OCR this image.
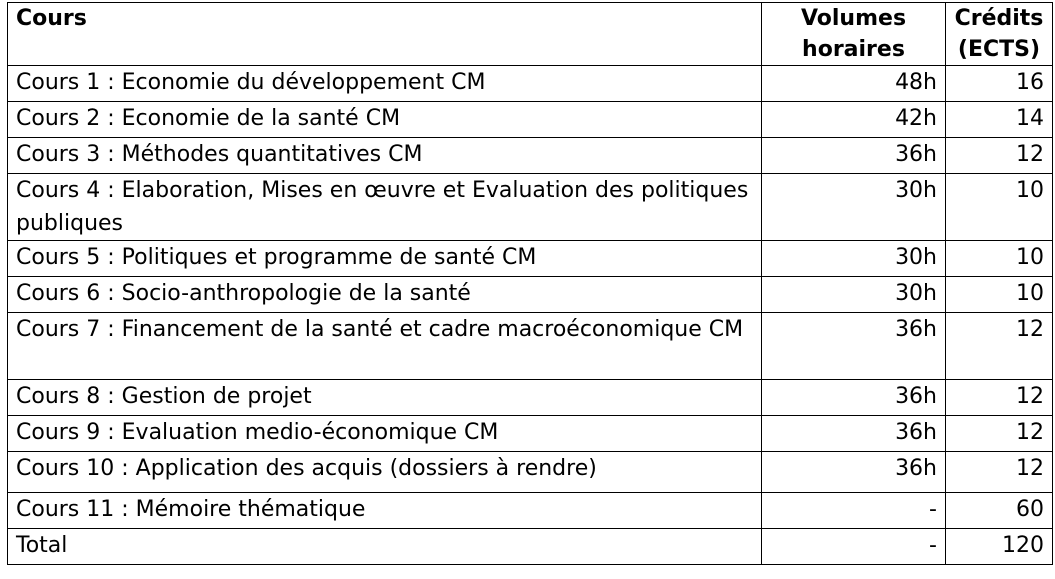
Cours	Volumes horaires	Crédits (ECTS)
Cours 1 : Economie du développement CM	48h	16
Cours 2 : Economie de la santé CM	42h	14
Cours 3 : Méthodes quantitatives CM	36h	12
Cours 4 : Elaboration, Mises en œuvre et Evaluation des politiques publiques	30h	10
Cours 5 : Politiques et programme de santé CM	30h	10
Cours 6 : Socio-anthropologie de la santé	30h	10
Cours 7 : Financement de la santé et cadre macroéconomique CM	36h	12
Cours 8 : Gestion de projet	36h	12
Cours 9 : Evaluation medio-économique CM	36h	12
Cours 10 : Application des acquis (dossiers à rendre)	36h	12
Cours 11 : Mémoire thématique	-	60
Total	-	120
